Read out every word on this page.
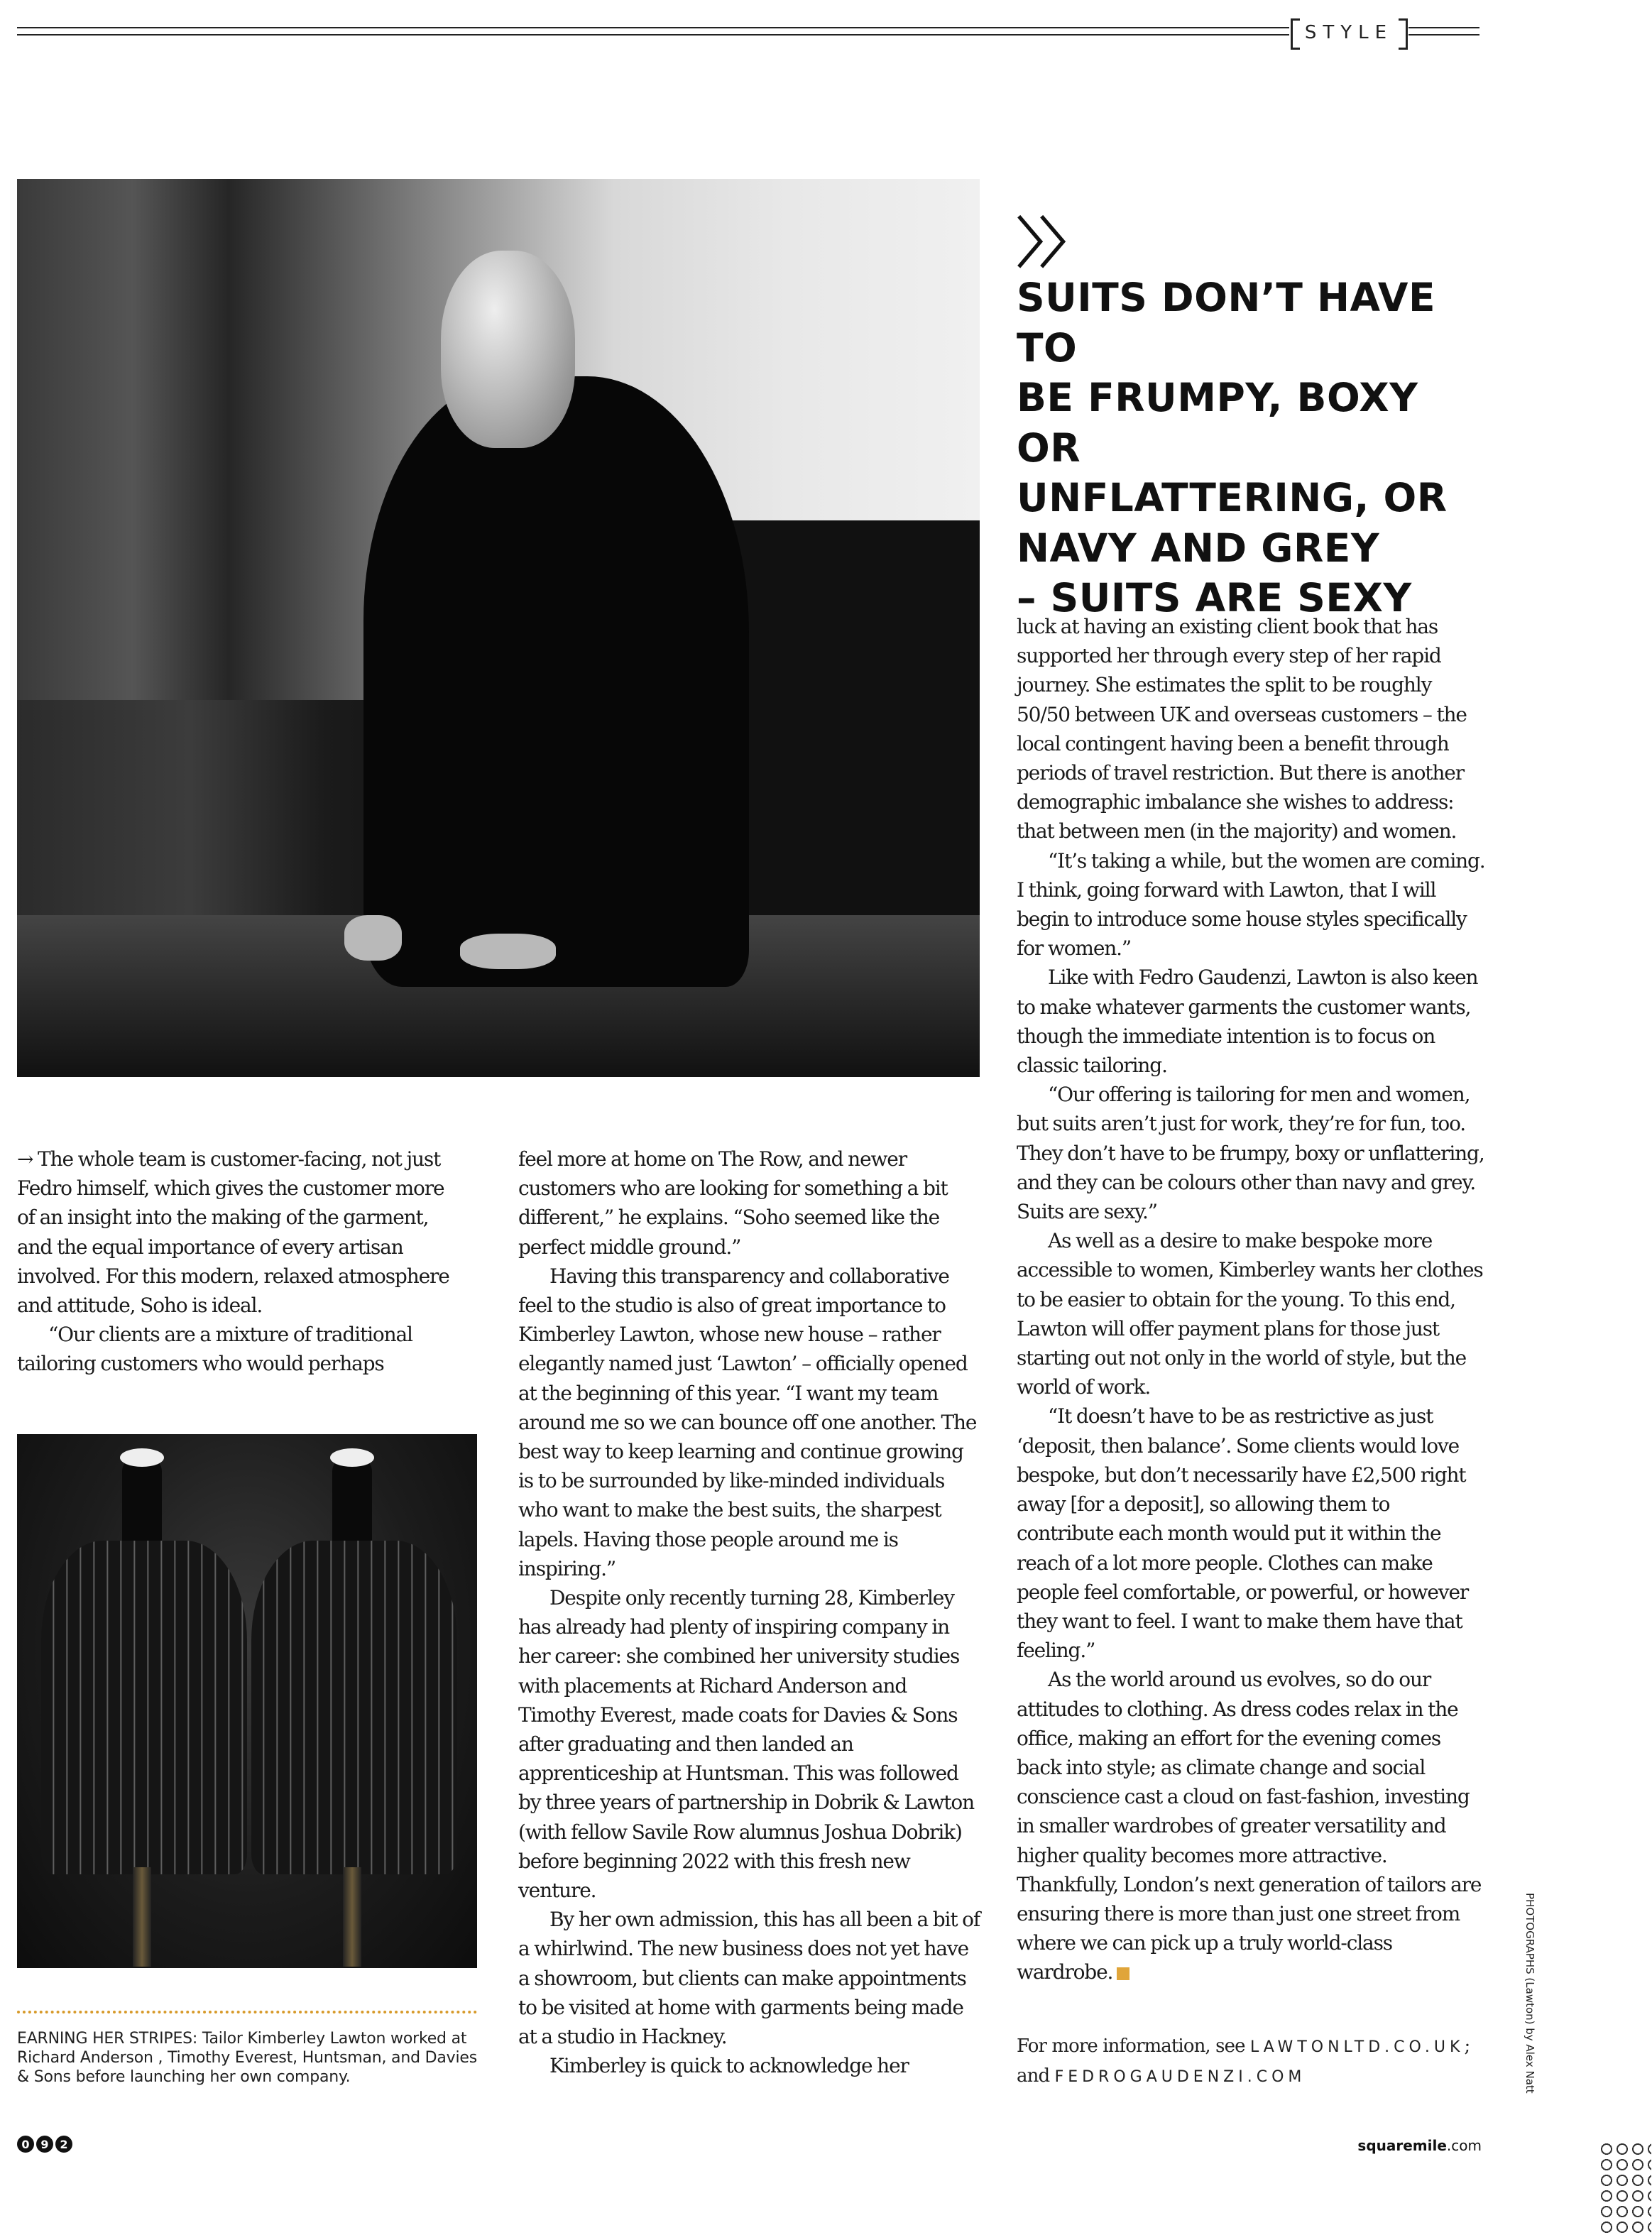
STYLE
〉〉
SUITS DON’T HAVE TO
BE FRUMPY, BOXY OR
UNFLATTERING, OR
NAVY AND GREY
– SUITS ARE SEXY

→ The whole team is customer-facing, not just Fedro himself, which gives the customer more of an insight into the making of the garment, and the equal importance of every artisan involved. For this modern, relaxed atmosphere and attitude, Soho is ideal.

“Our clients are a mixture of traditional tailoring customers who would perhaps

feel more at home on The Row, and newer customers who are looking for something a bit different,” he explains. “Soho seemed like the perfect middle ground.”

Having this transparency and collaborative feel to the studio is also of great importance to Kimberley Lawton, whose new house – rather elegantly named just ‘Lawton’ – officially opened at the beginning of this year. “I want my team around me so we can bounce off one another. The best way to keep learning and continue growing is to be surrounded by like-minded individuals who want to make the best suits, the sharpest lapels. Having those people around me is inspiring.”

Despite only recently turning 28, Kimberley has already had plenty of inspiring company in her career: she combined her university studies with placements at Richard Anderson and Timothy Everest, made coats for Davies & Sons after graduating and then landed an apprenticeship at Huntsman. This was followed by three years of partnership in Dobrik & Lawton (with fellow Savile Row alumnus Joshua Dobrik) before beginning 2022 with this fresh new venture.

By her own admission, this has all been a bit of a whirlwind. The new business does not yet have a showroom, but clients can make appointments to be visited at home with garments being made at a studio in Hackney.

Kimberley is quick to acknowledge her

luck at having an existing client book that has supported her through every step of her rapid journey. She estimates the split to be roughly 50/50 between UK and overseas customers – the local contingent having been a benefit through periods of travel restriction. But there is another demographic imbalance she wishes to address: that between men (in the majority) and women.

“It’s taking a while, but the women are coming. I think, going forward with Lawton, that I will begin to introduce some house styles specifically for women.”

Like with Fedro Gaudenzi, Lawton is also keen to make whatever garments the customer wants, though the immediate intention is to focus on classic tailoring.

“Our offering is tailoring for men and women, but suits aren’t just for work, they’re for fun, too. They don’t have to be frumpy, boxy or unflattering, and they can be colours other than navy and grey. Suits are sexy.”

As well as a desire to make bespoke more accessible to women, Kimberley wants her clothes to be easier to obtain for the young. To this end, Lawton will offer payment plans for those just starting out not only in the world of style, but the world of work.

“It doesn’t have to be as restrictive as just ‘deposit, then balance’. Some clients would love bespoke, but don’t necessarily have £2,500 right away [for a deposit], so allowing them to contribute each month would put it within the reach of a lot more people. Clothes can make people feel comfortable, or powerful, or however they want to feel. I want to make them have that feeling.”

As the world around us evolves, so do our attitudes to clothing. As dress codes relax in the office, making an effort for the evening comes back into style; as climate change and social conscience cast a cloud on fast-fashion, investing in smaller wardrobes of greater versatility and higher quality becomes more attractive. Thankfully, London’s next generation of tailors are ensuring there is more than just one street from where we can pick up a truly world-class wardrobe.

For more information, see LAWTONLTD.CO.UK; and FEDROGAUDENZI.COM
EARNING HER STRIPES: Tailor Kimberley Lawton worked at Richard Anderson , Timothy Everest, Huntsman, and Davies & Sons before launching her own company.	PHOTOGRAPHS (Lawton) by Alex Natt
0 9 2	squaremile.com
